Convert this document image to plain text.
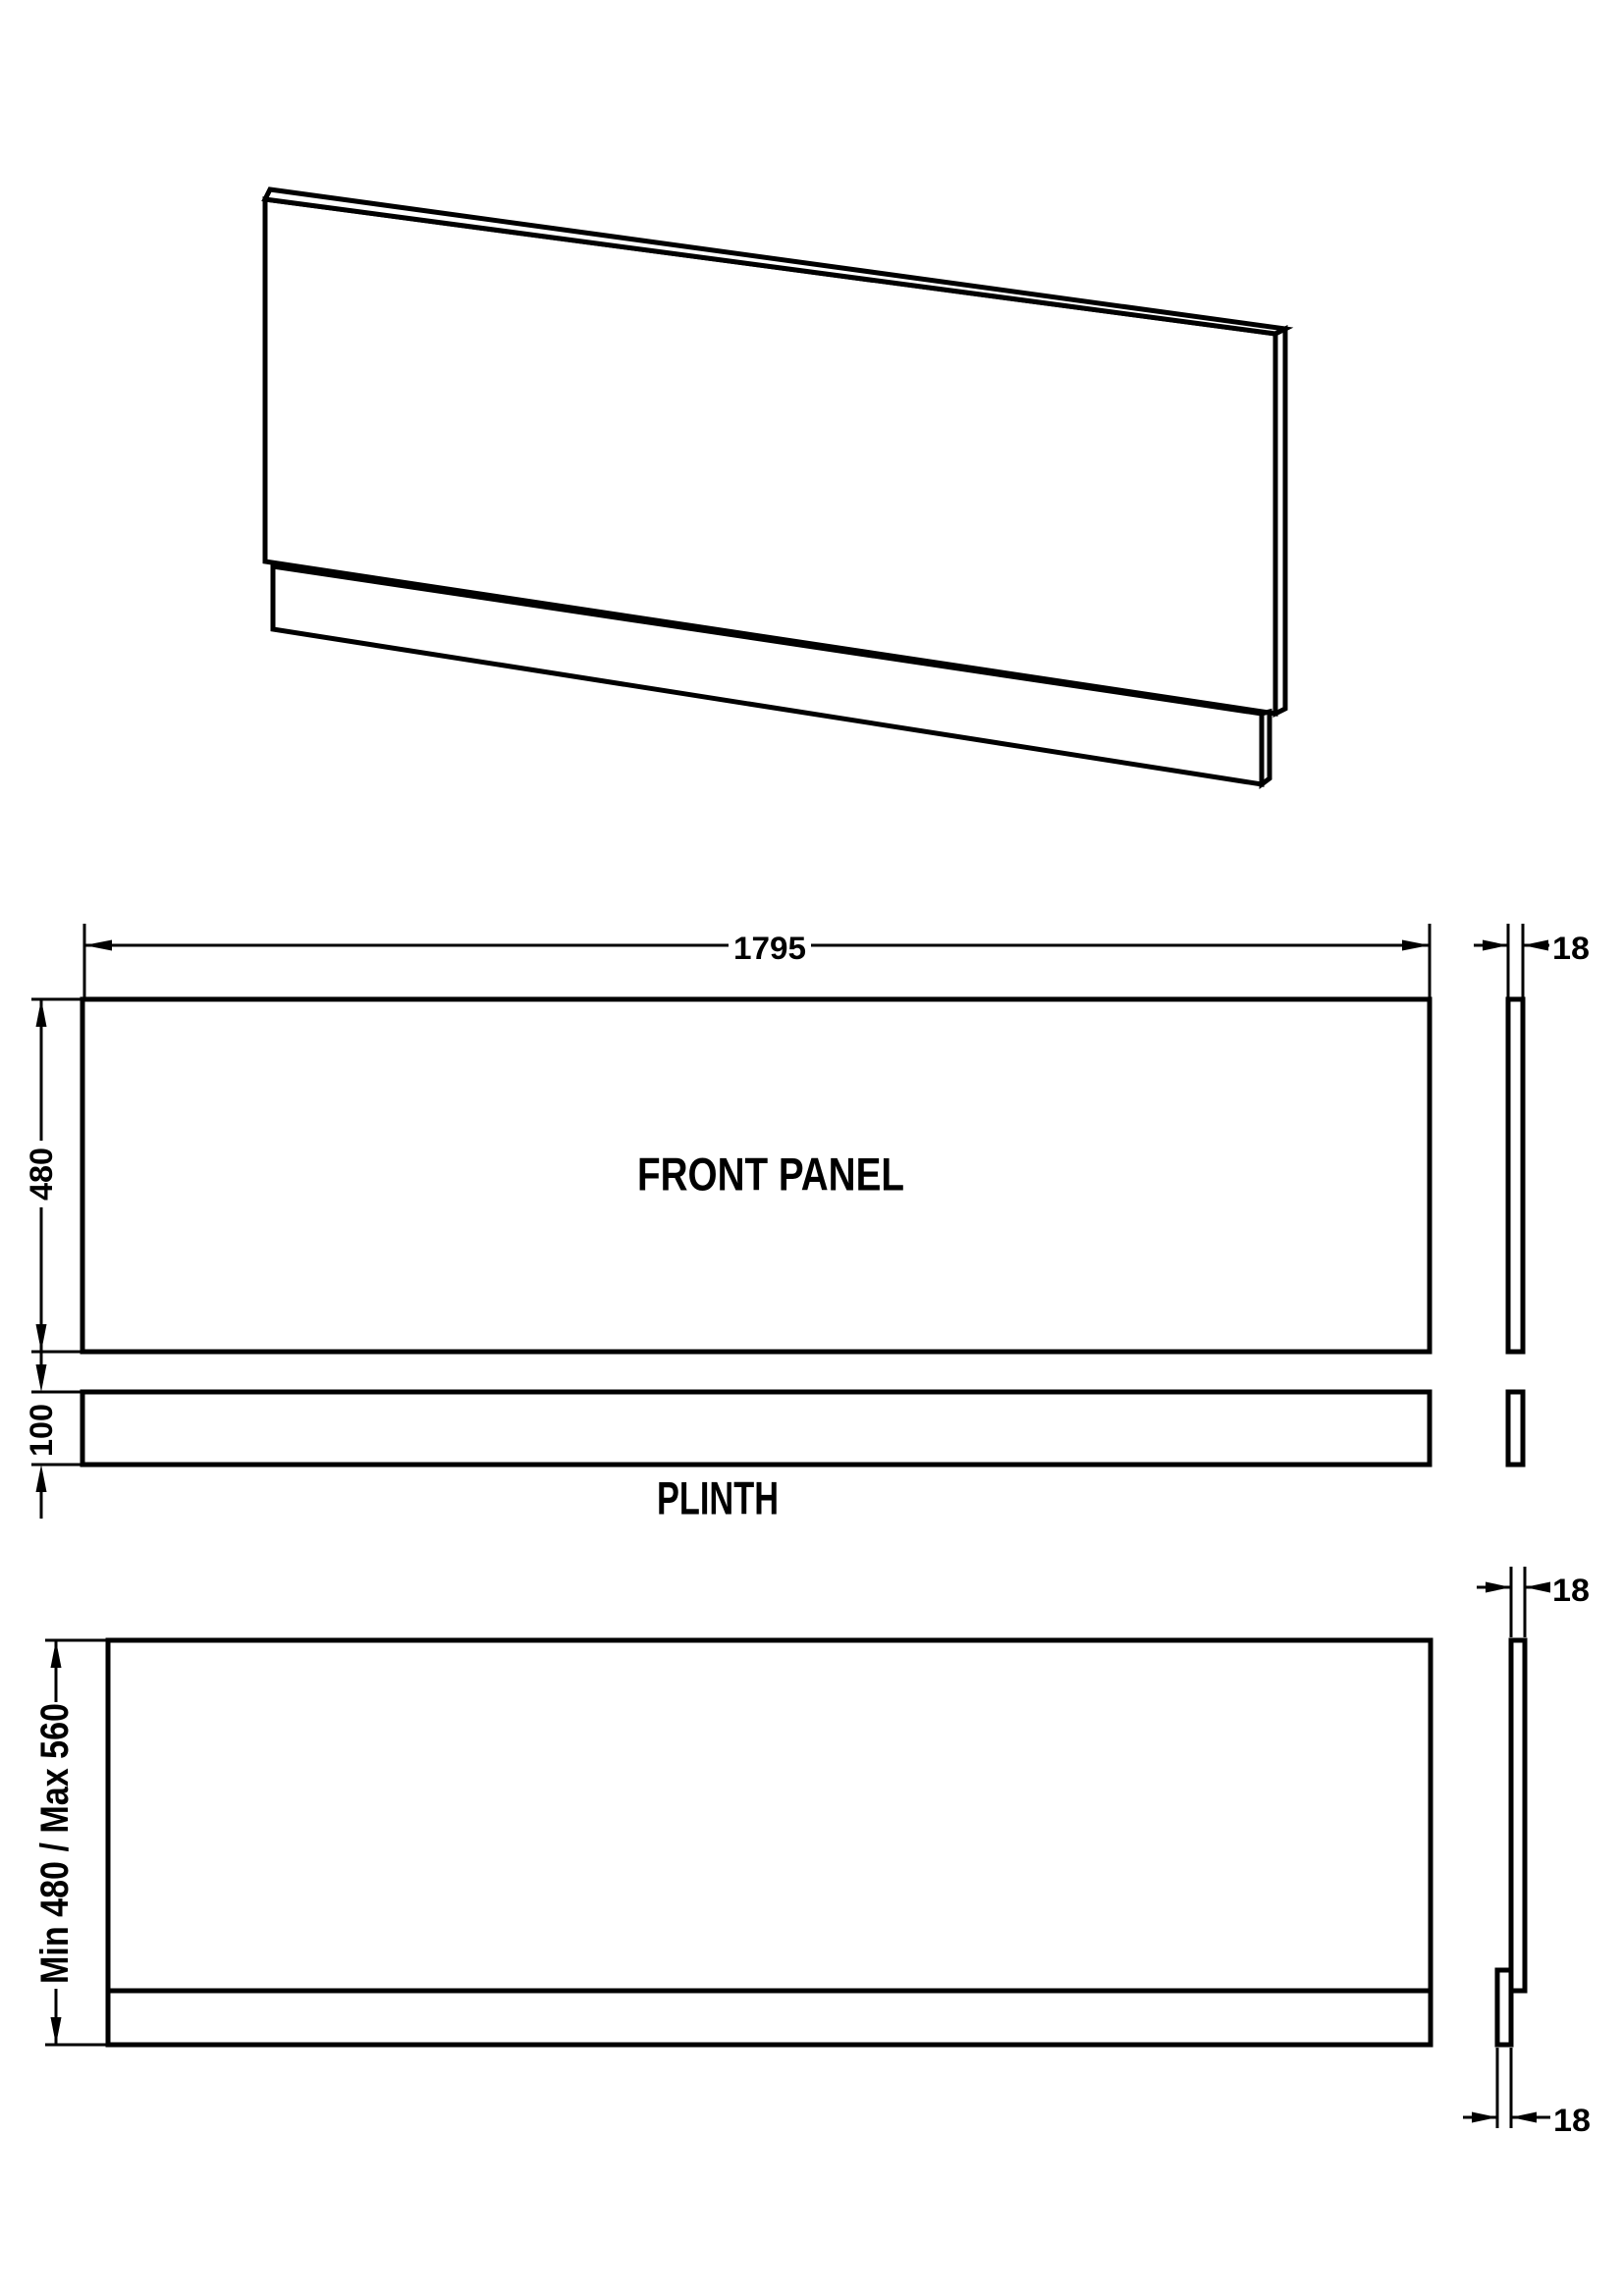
FRONT PANEL
1795
480
18
PLINTH
100
Min 480 / Max 560
18
18
